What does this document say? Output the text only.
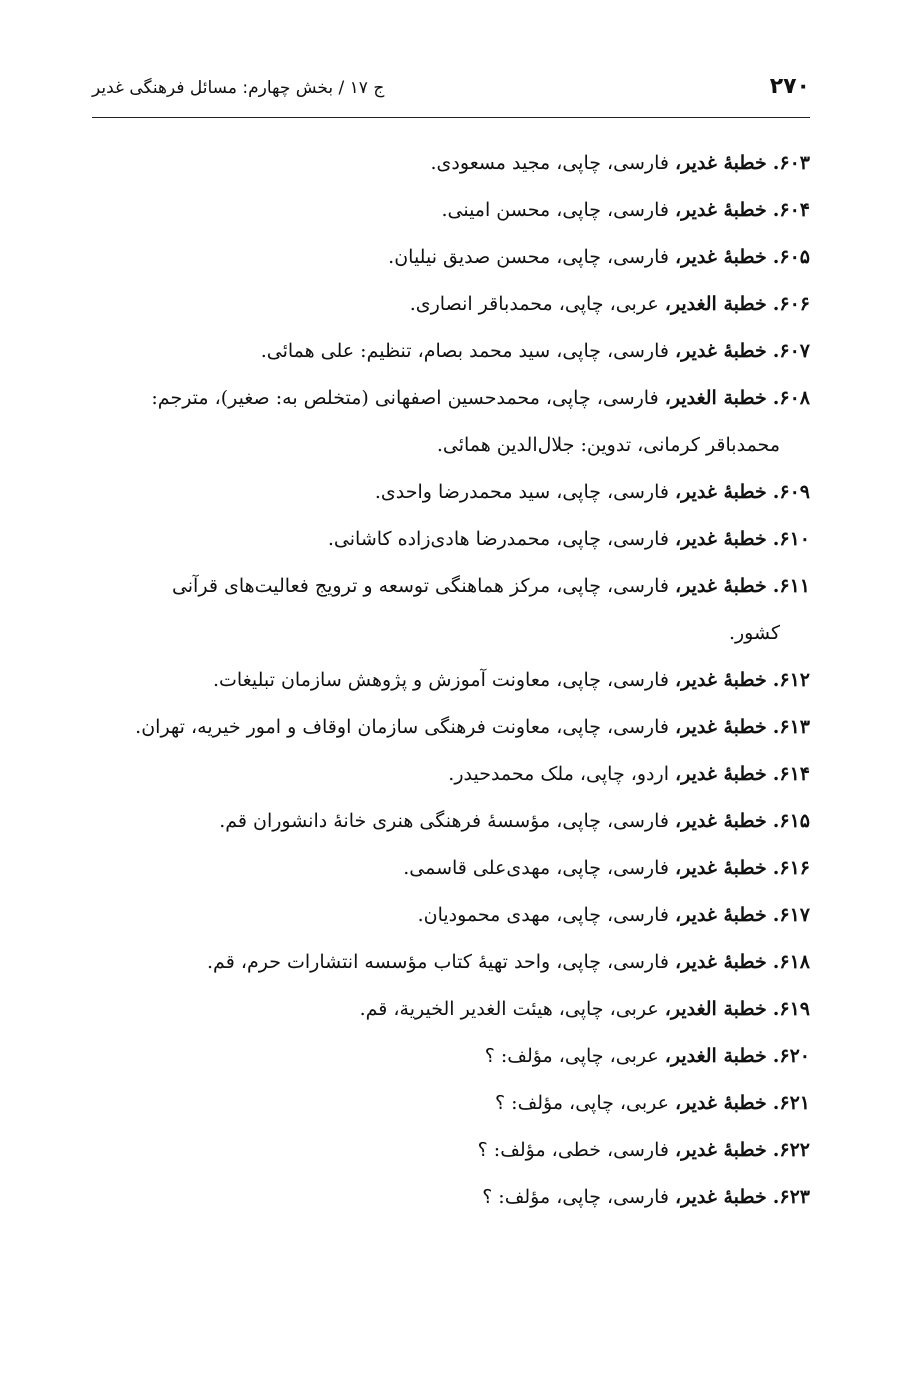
۲۷۰
ج ۱۷ / بخش چهارم: مسائل فرهنگی غدیر
۶۰۳. خطبۀ غدیر، فارسی، چاپی، مجید مسعودی.
۶۰۴. خطبۀ غدیر، فارسی، چاپی، محسن امینی.
۶۰۵. خطبۀ غدیر، فارسی، چاپی، محسن صدیق نیلیان.
۶۰۶. خطبة الغدیر، عربی، چاپی، محمدباقر انصاری.
۶۰۷. خطبۀ غدیر، فارسی، چاپی، سید محمد بصام، تنظیم: علی همائی.
۶۰۸. خطبة الغدیر، فارسی، چاپی، محمدحسین اصفهانی (متخلص به: صغیر)، مترجم:
محمدباقر کرمانی، تدوین: جلال‌الدین همائی.
۶۰۹. خطبۀ غدیر، فارسی، چاپی، سید محمدرضا واحدی.
۶۱۰. خطبۀ غدیر، فارسی، چاپی، محمدرضا هادی‌زاده کاشانی.
۶۱۱. خطبۀ غدیر، فارسی، چاپی، مرکز هماهنگی توسعه و ترویج فعالیت‌های قرآنی
کشور.
۶۱۲. خطبۀ غدیر، فارسی، چاپی، معاونت آموزش و پژوهش سازمان تبلیغات.
۶۱۳. خطبۀ غدیر، فارسی، چاپی، معاونت فرهنگی سازمان اوقاف و امور خیریه، تهران.
۶۱۴. خطبۀ غدیر، اردو، چاپی، ملک محمدحیدر.
۶۱۵. خطبۀ غدیر، فارسی، چاپی، مؤسسۀ فرهنگی هنری خانۀ دانشوران قم.
۶۱۶. خطبۀ غدیر، فارسی، چاپی، مهدی‌علی قاسمی.
۶۱۷. خطبۀ غدیر، فارسی، چاپی، مهدی محمودیان.
۶۱۸. خطبۀ غدیر، فارسی، چاپی، واحد تهیۀ کتاب مؤسسه انتشارات حرم، قم.
۶۱۹. خطبة الغدیر، عربی، چاپی، هیئت الغدیر الخیریة، قم.
۶۲۰. خطبة الغدیر، عربی، چاپی، مؤلف: ؟
۶۲۱. خطبۀ غدیر، عربی، چاپی، مؤلف: ؟
۶۲۲. خطبۀ غدیر، فارسی، خطی، مؤلف: ؟
۶۲۳. خطبۀ غدیر، فارسی، چاپی، مؤلف: ؟
